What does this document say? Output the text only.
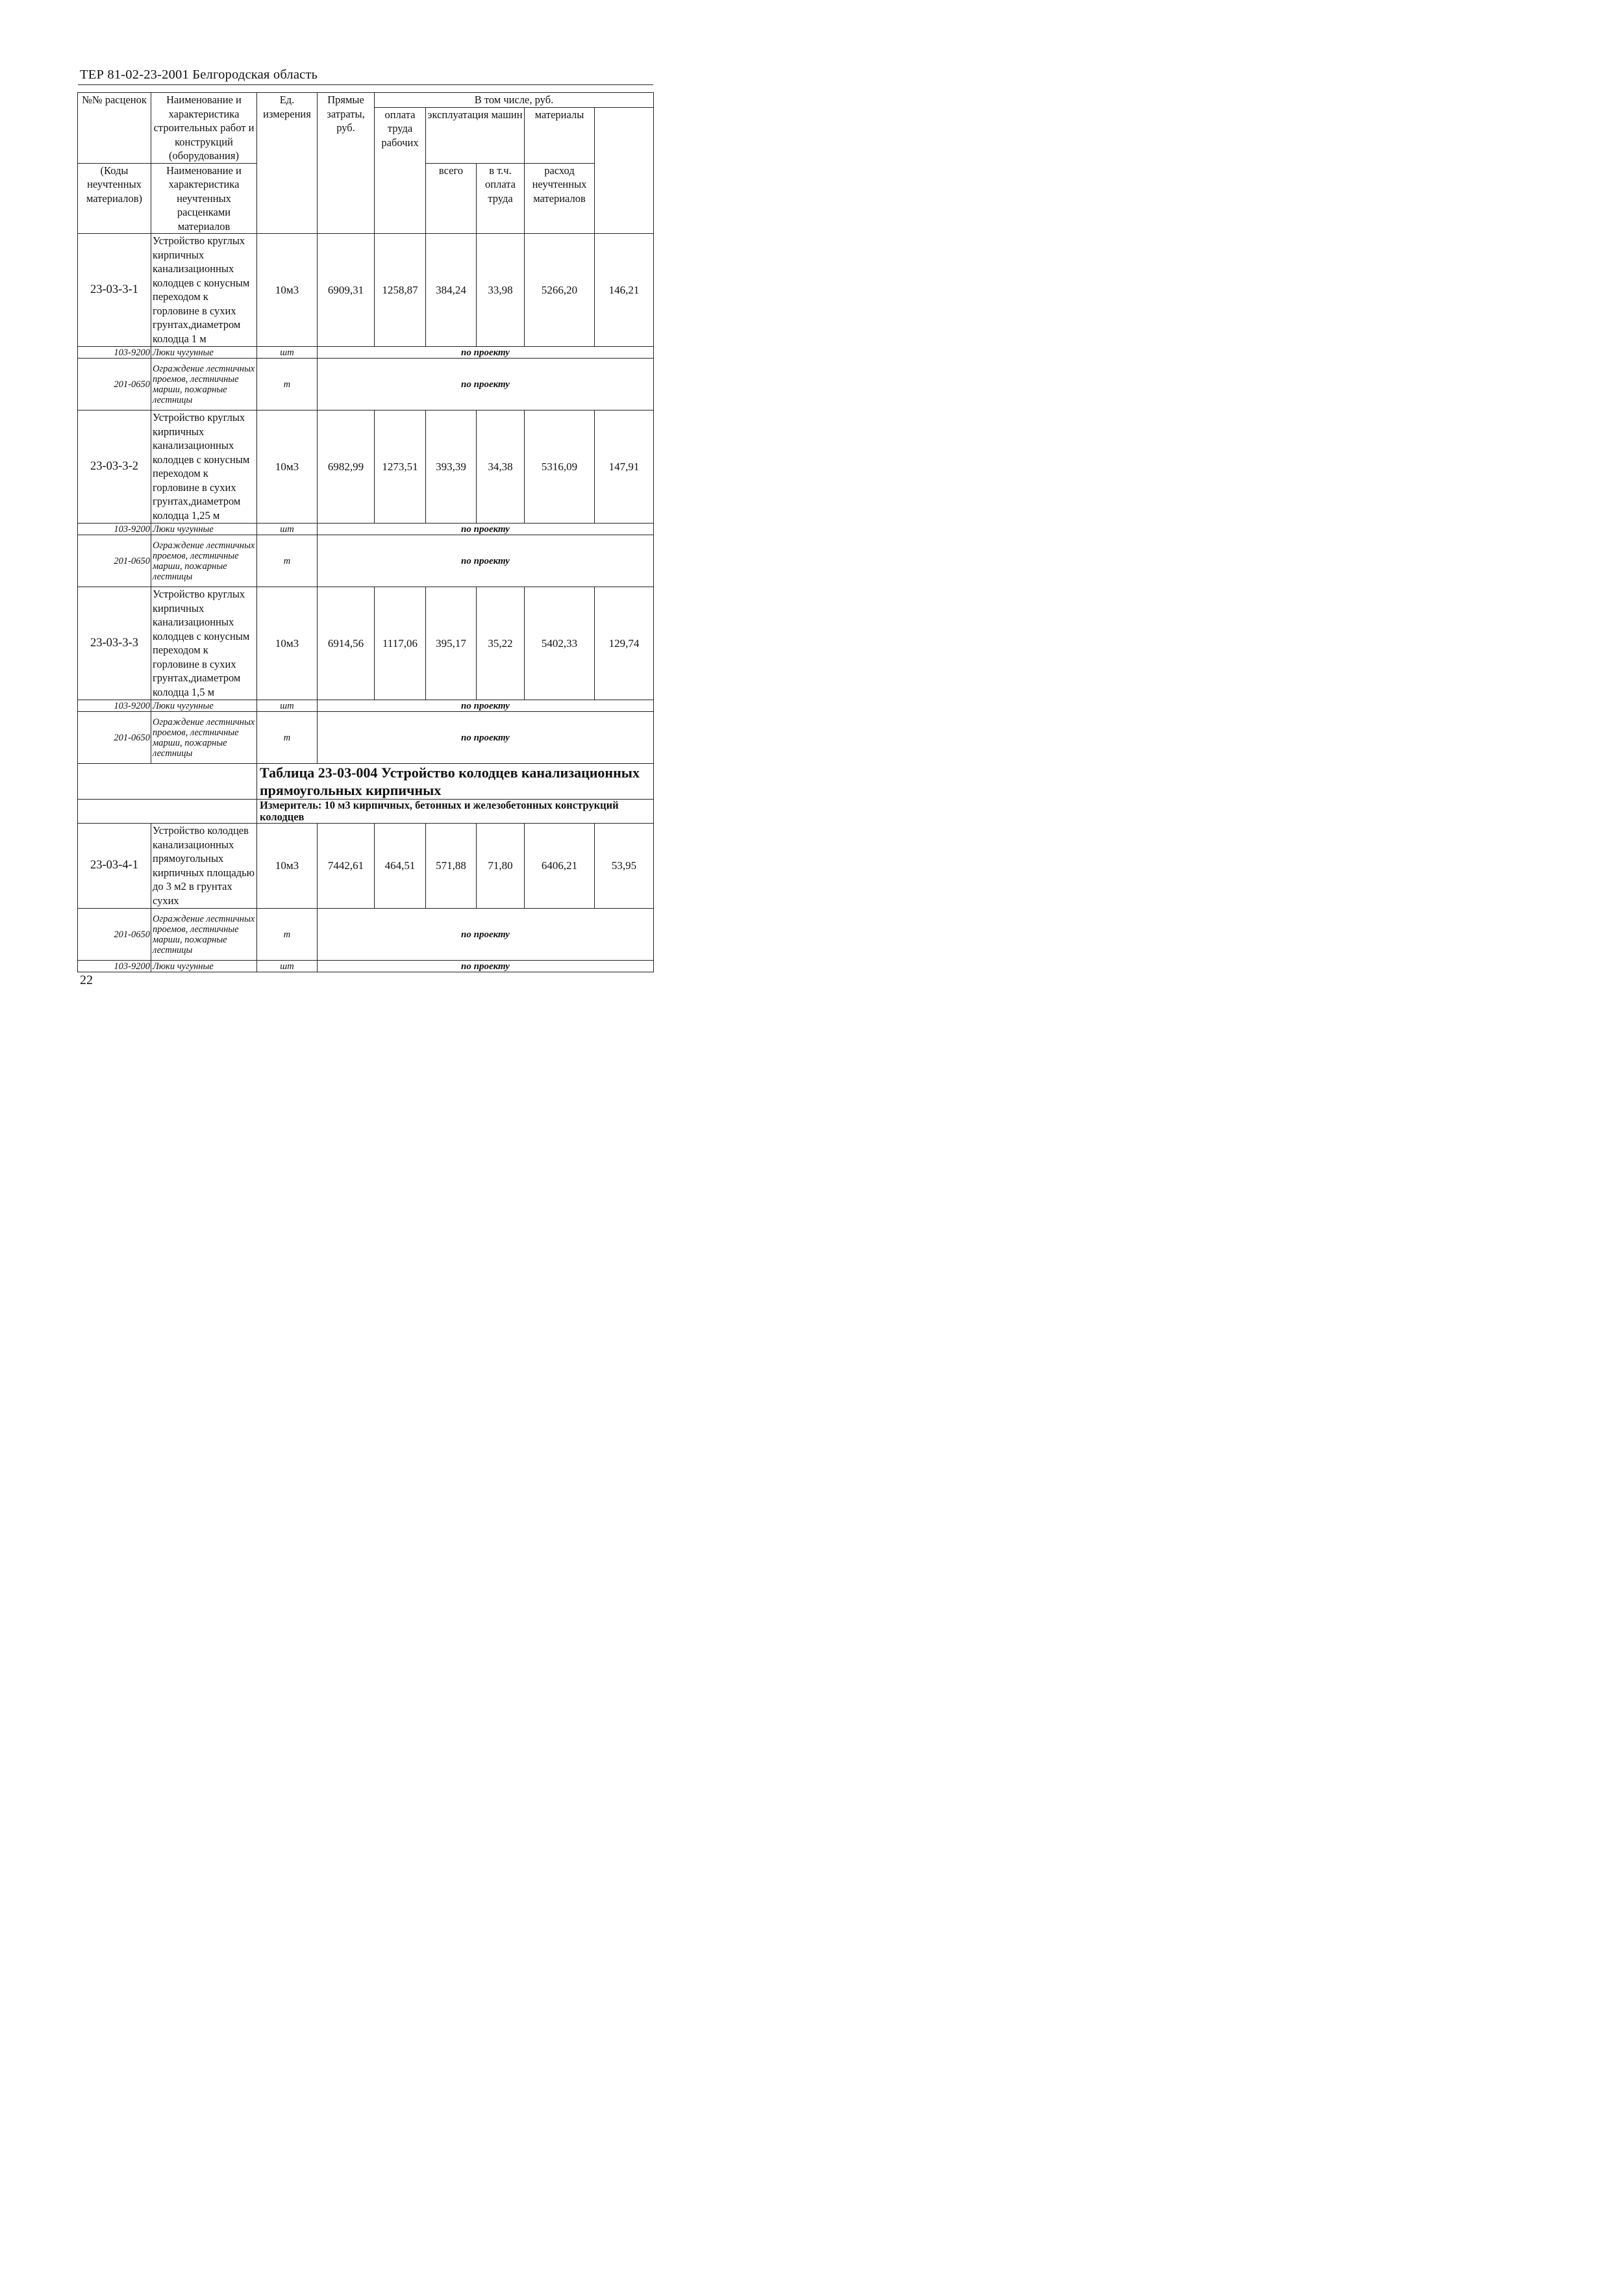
ТЕР 81-02-23-2001 Белгородская область
№№ расценок	Наименование и характеристика строительных работ и конструкций (оборудования)	Ед. измерения	Прямые затраты, руб.	В том числе, руб.	
				оплата труда рабочих	эксплуатация машин		материалы		
					всего	в т.ч. оплата труда	расход неучтенных материалов		

(Коды неучтенных материалов)	Наименование и характеристика неучтенных расценками материалов								

23-03-3-1	Устройство круглых кирпичных канализационных колодцев с конусным переходом к горловине в сухих грунтах,диаметром колодца 1 м	10м3	6909,31	1258,87	384,24	33,98	5266,20	146,21	
103-9200	Люки чугунные	шт	по проекту						
201-0650	Ограждение лестничных проемов, лестничные марши, пожарные лестницы	т	по проекту						
23-03-3-2	Устройство круглых кирпичных канализационных колодцев с конусным переходом к горловине в сухих грунтах,диаметром колодца 1,25 м	10м3	6982,99	1273,51	393,39	34,38	5316,09	147,91	
103-9200	Люки чугунные	шт	по проекту						
201-0650	Ограждение лестничных проемов, лестничные марши, пожарные лестницы	т	по проекту						
23-03-3-3	Устройство круглых кирпичных канализационных колодцев с конусным переходом к горловине в сухих грунтах,диаметром колодца 1,5 м	10м3	6914,56	1117,06	395,17	35,22	5402,33	129,74	
103-9200	Люки чугунные	шт	по проекту						
201-0650	Ограждение лестничных проемов, лестничные марши, пожарные лестницы	т	по проекту						
		Таблица 23-03-004 Устройство колодцев канализационных прямоугольных кирпичных							
		Измеритель: 10 м3 кирпичных, бетонных и железобетонных конструкций колодцев							
23-03-4-1	Устройство колодцев канализационных прямоугольных кирпичных площадью до 3 м2 в грунтах сухих	10м3	7442,61	464,51	571,88	71,80	6406,21	53,95	
201-0650	Ограждение лестничных проемов, лестничные марши, пожарные лестницы	т	по проекту						
103-9200	Люки чугунные	шт	по проекту						
22
